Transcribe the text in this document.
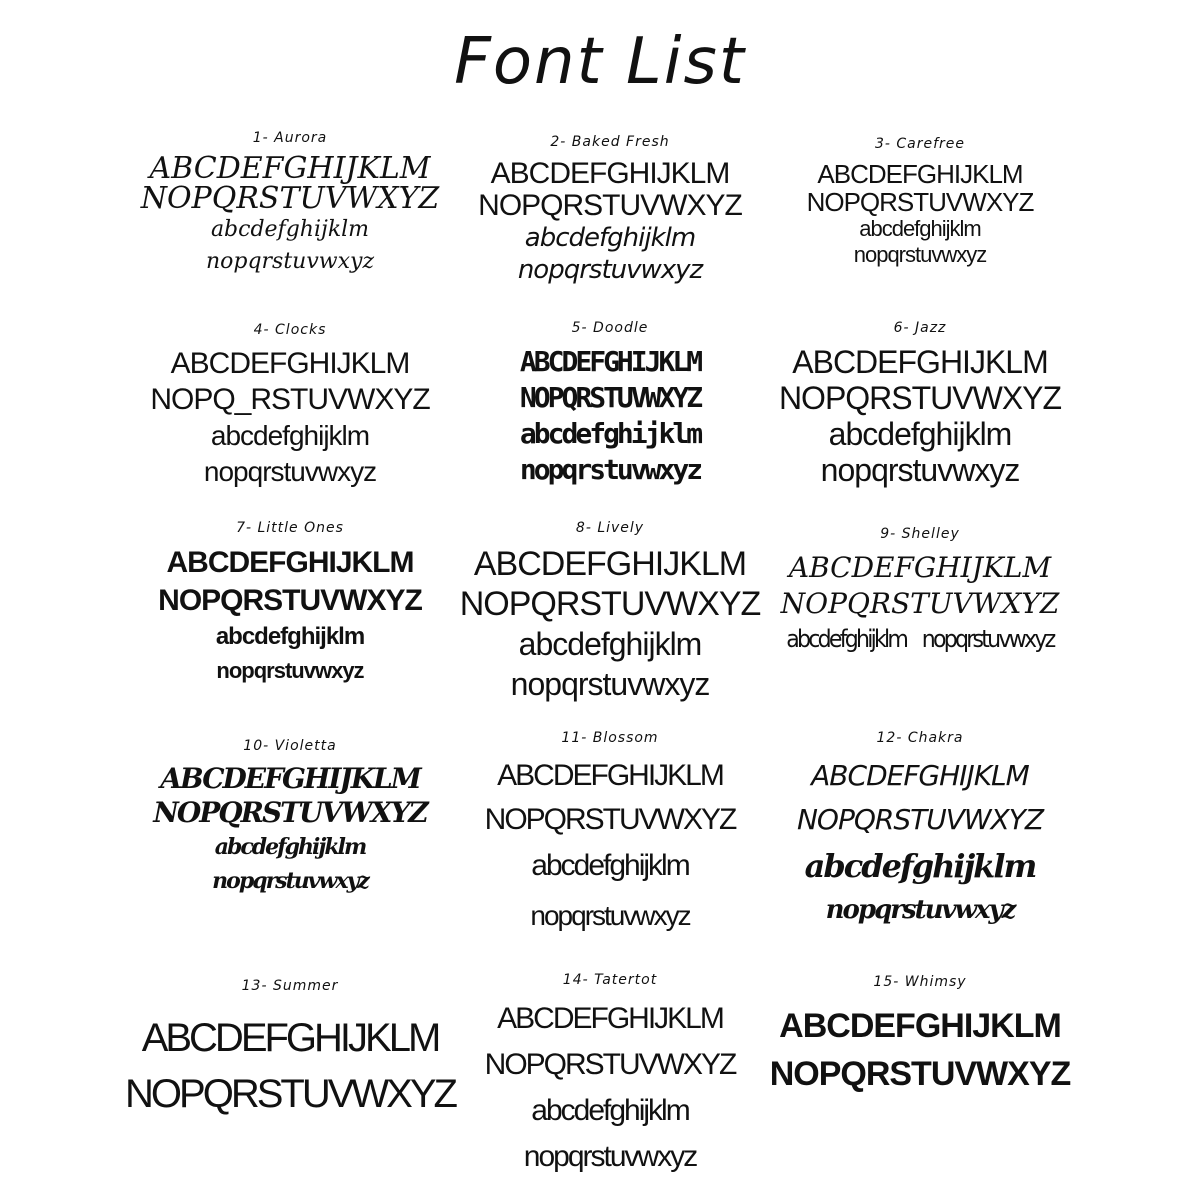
Font List
1- Aurora
ABCDEFGHIJKLM
NOPQRSTUVWXYZ
abcdefghijklm
nopqrstuvwxyz
2- Baked Fresh
ABCDEFGHIJKLM
NOPQRSTUVWXYZ
abcdefghijklm
nopqrstuvwxyz
3- Carefree
ABCDEFGHIJKLM
NOPQRSTUVWXYZ
abcdefghijklm
nopqrstuvwxyz
4- Clocks
ABCDEFGHIJKLM
NOPQ_RSTUVWXYZ
abcdefghijklm
nopqrstuvwxyz
5- Doodle
ABCDEFGHIJKLM
NOPQRSTUVWXYZ
abcdefghijklm
nopqrstuvwxyz
6- Jazz
ABCDEFGHIJKLM
NOPQRSTUVWXYZ
abcdefghijklm
nopqrstuvwxyz
7- Little Ones
ABCDEFGHIJKLM
NOPQRSTUVWXYZ
abcdefghijklm
nopqrstuvwxyz
8- Lively
ABCDEFGHIJKLM
NOPQRSTUVWXYZ
abcdefghijklm
nopqrstuvwxyz
9- Shelley
ABCDEFGHIJKLM
NOPQRSTUVWXYZ
abcdefghijklm nopqrstuvwxyz
10- Violetta
ABCDEFGHIJKLM
NOPQRSTUVWXYZ
abcdefghijklm
nopqrstuvwxyz
11- Blossom
ABCDEFGHIJKLM
NOPQRSTUVWXYZ
abcdefghijklm
nopqrstuvwxyz
12- Chakra
ABCDEFGHIJKLM
NOPQRSTUVWXYZ
abcdefghijklm
nopqrstuvwxyz
13- Summer
ABCDEFGHIJKLM
NOPQRSTUVWXYZ
14- Tatertot
ABCDEFGHIJKLM
NOPQRSTUVWXYZ
abcdefghijklm
nopqrstuvwxyz
15- Whimsy
ABCDEFGHIJKLM
NOPQRSTUVWXYZ
